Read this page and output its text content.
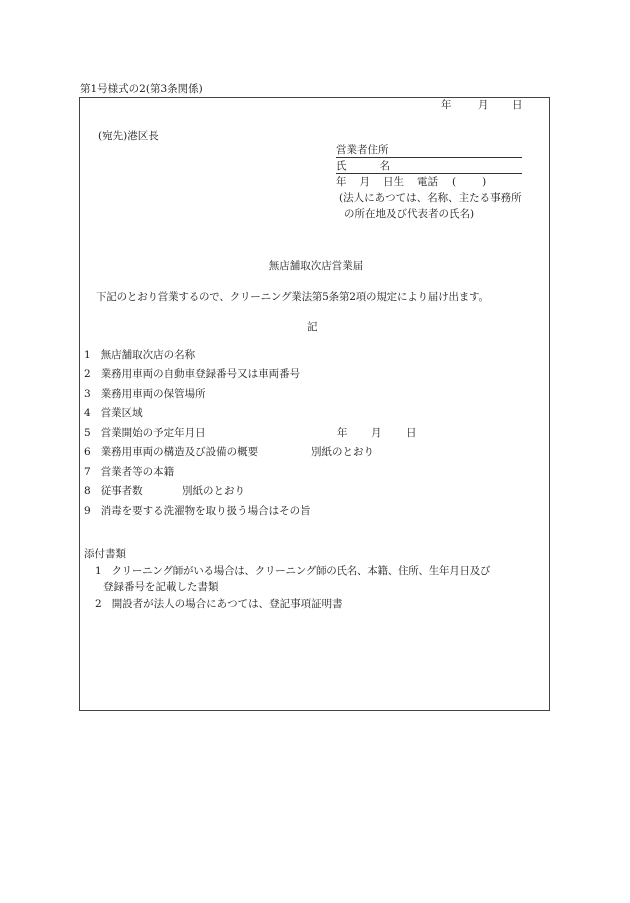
第1号様式の2(第3条関係)
年	月 日
(宛先)港区長
営業者住所
氏	名
年 月 日生 電話 ( )
(法人にあつては、名称、主たる事務所
の所在地及び代表者の氏名)
無店舗取次店営業届
下記のとおり営業するので、クリーニング業法第5条第2項の規定により届け出ます。
記
1 無店舗取次店の名称
2 業務用車両の自動車登録番号又は車両番号
3 業務用車両の保管場所
4 営業区域
5 営業開始の予定年月日	年 月 日
6 業務用車両の構造及び設備の概要	別紙のとおり
7 営業者等の本籍
8 従事者数	別紙のとおり
9 消毒を要する洗濯物を取り扱う場合はその旨
添付書類
1 クリーニング師がいる場合は、クリーニング師の氏名、本籍、住所、生年月日及び
登録番号を記載した書類
2 開設者が法人の場合にあつては、登記事項証明書
